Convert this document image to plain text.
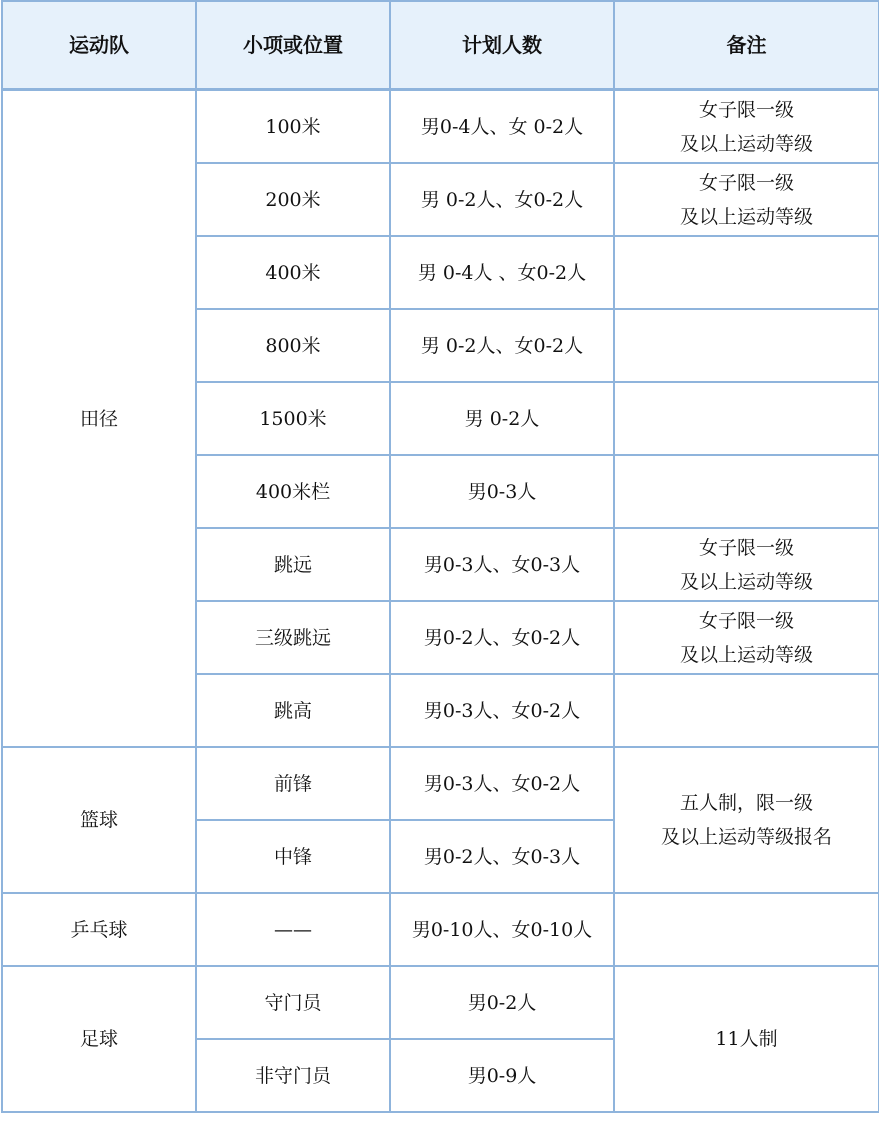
运动队	小项或位置	计划人数	备注
田径	100米	男0-4人、女 0-2人	女子限一级
及以上运动等级

	200米	男 0-2人、女0-2人	女子限一级
及以上运动等级

	400米	男 0-4人 、女0-2人	
	800米	男 0-2人、女0-2人	
	1500米	男 0-2人	
	400米栏	男0-3人	
	跳远	男0-3人、女0-3人	女子限一级
及以上运动等级

	三级跳远	男0-2人、女0-2人	女子限一级
及以上运动等级

	跳高	男0-3人、女0-2人	
篮球	前锋	男0-3人、女0-2人	五人制，限一级
及以上运动等级报名

	中锋	男0-2人、女0-3人	
乒乓球	——	男0-10人、女0-10人	
足球	守门员	男0-2人	11人制

	非守门员	男0-9人	
